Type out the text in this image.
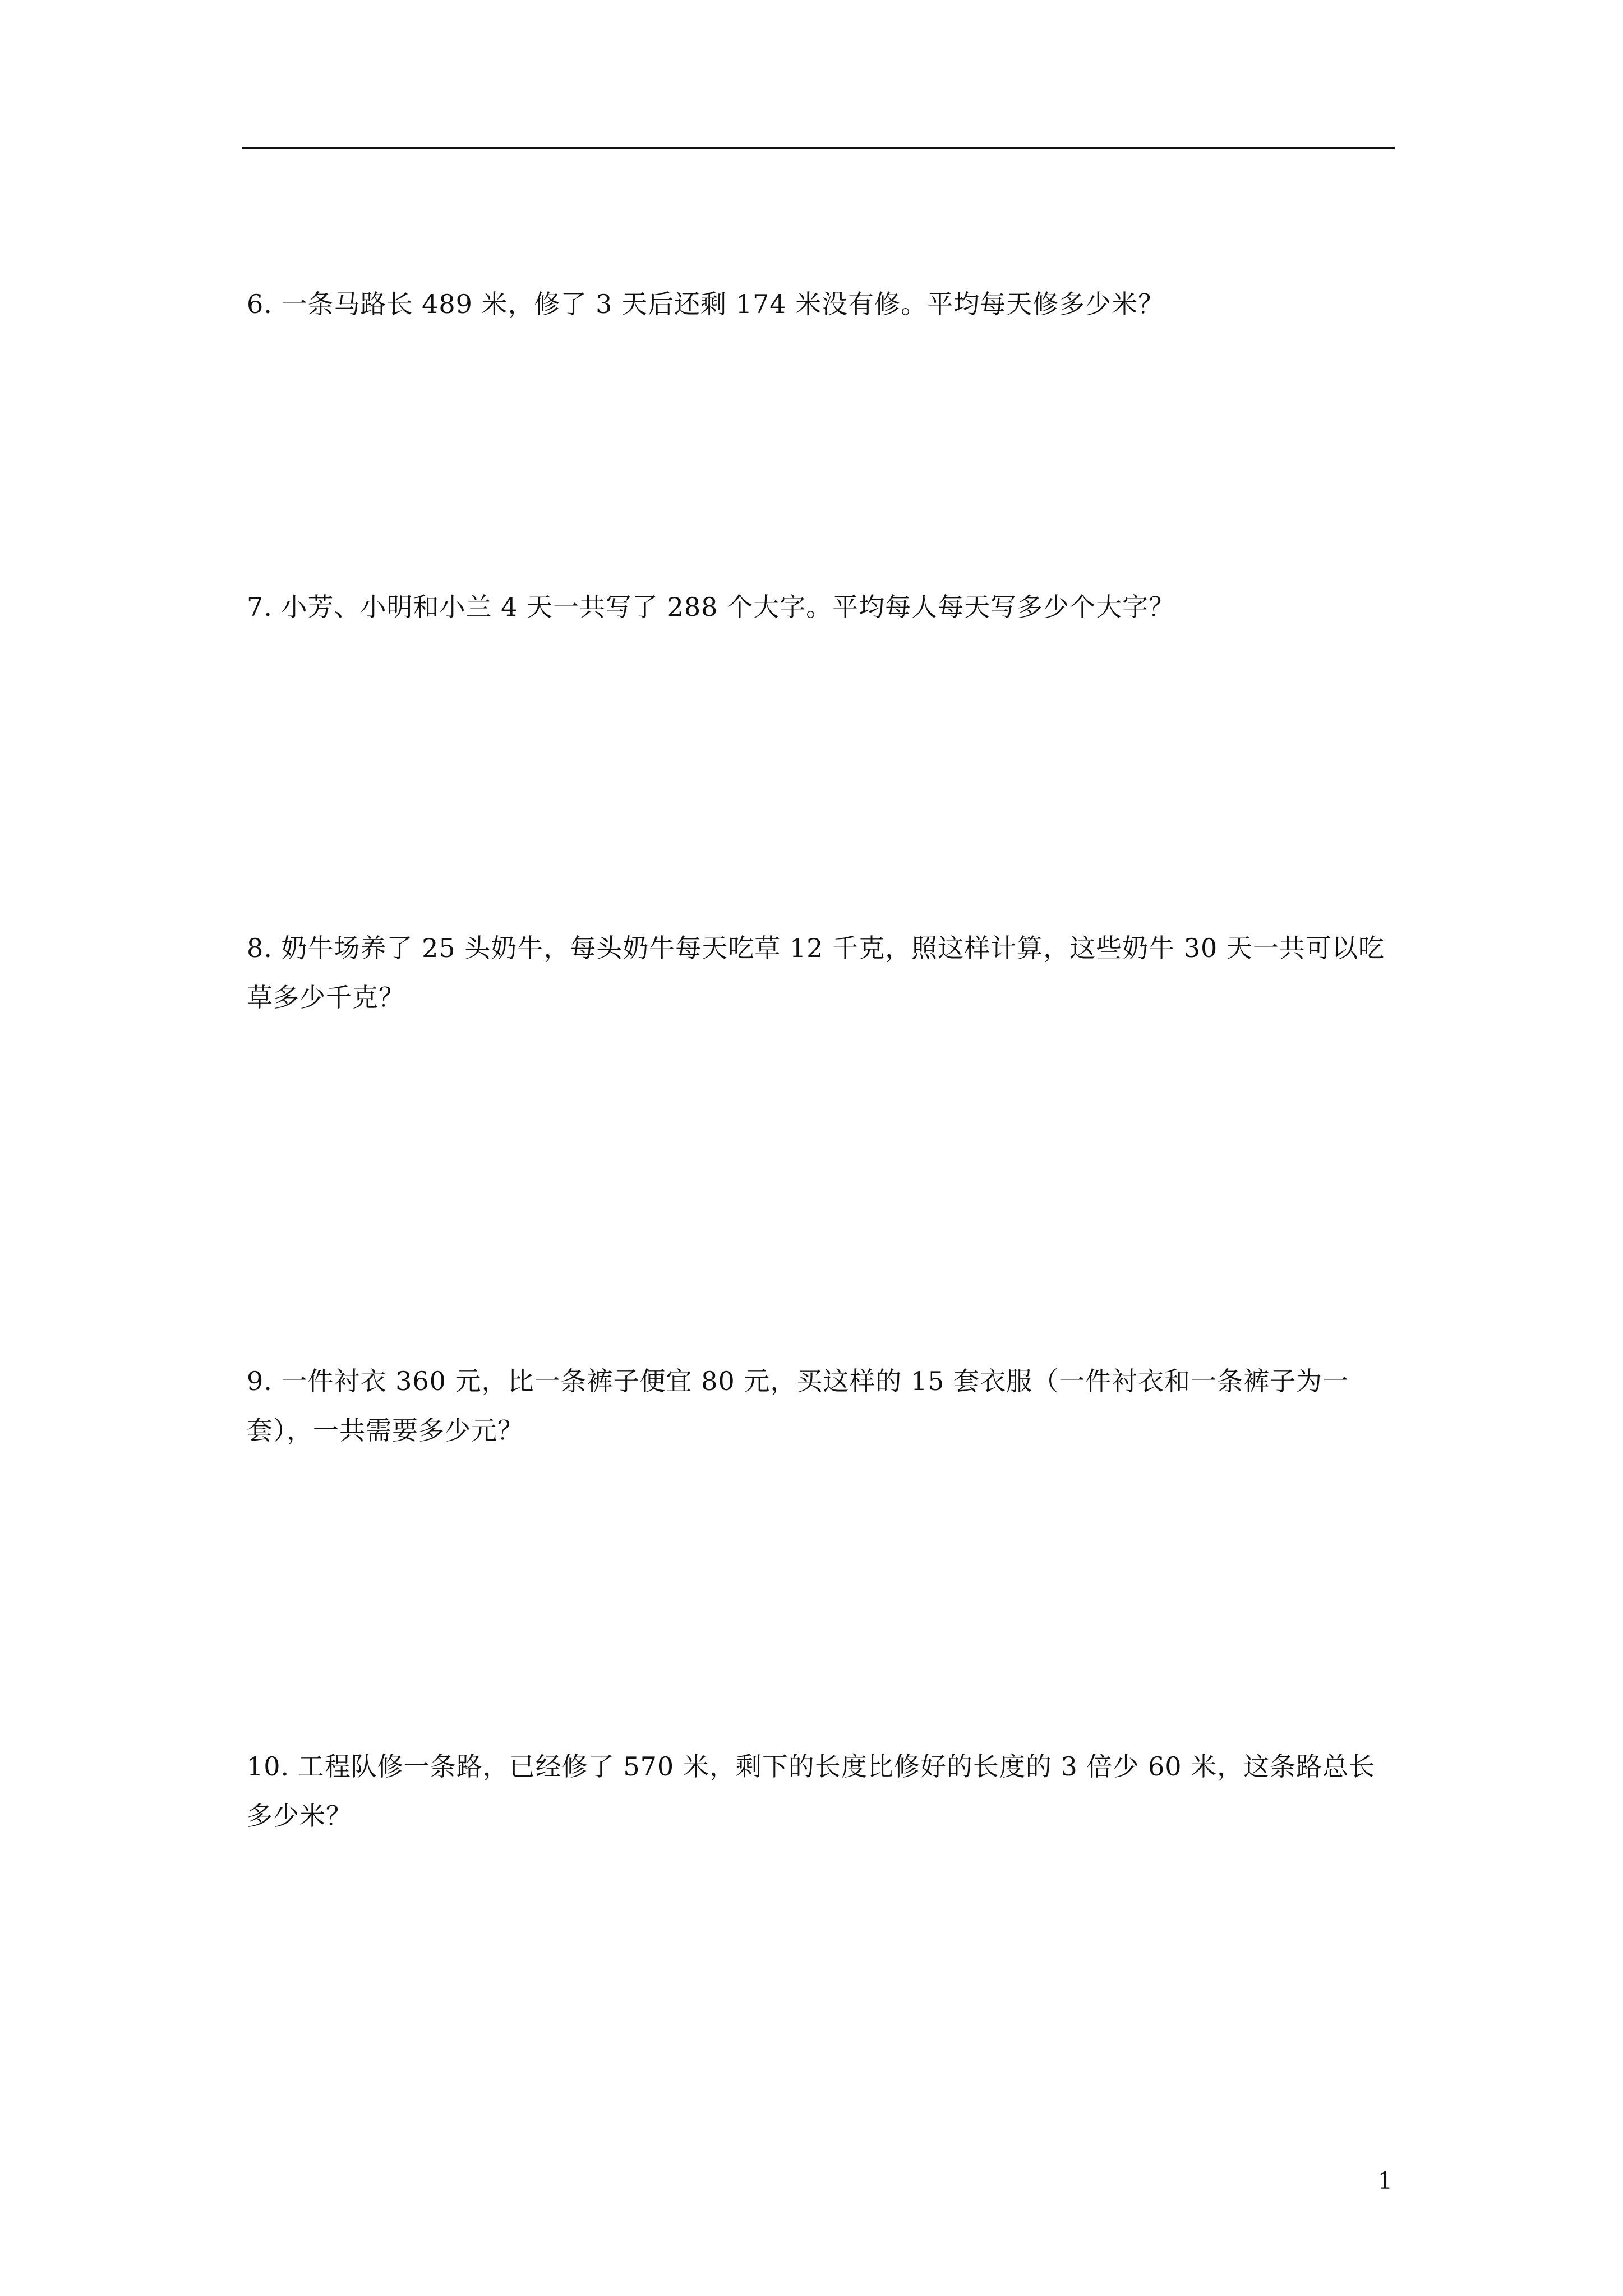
6. 一条马路长 489 米，修了 3 天后还剩 174 米没有修。平均每天修多少米？
7. 小芳、小明和小兰 4 天一共写了 288 个大字。平均每人每天写多少个大字？
8. 奶牛场养了 25 头奶牛，每头奶牛每天吃草 12 千克，照这样计算，这些奶牛 30 天一共可以吃草多少千克？
9. 一件衬衣 360 元，比一条裤子便宜 80 元，买这样的 15 套衣服（一件衬衣和一条裤子为一套），一共需要多少元？
10. 工程队修一条路，已经修了 570 米，剩下的长度比修好的长度的 3 倍少 60 米，这条路总长多少米？
1
